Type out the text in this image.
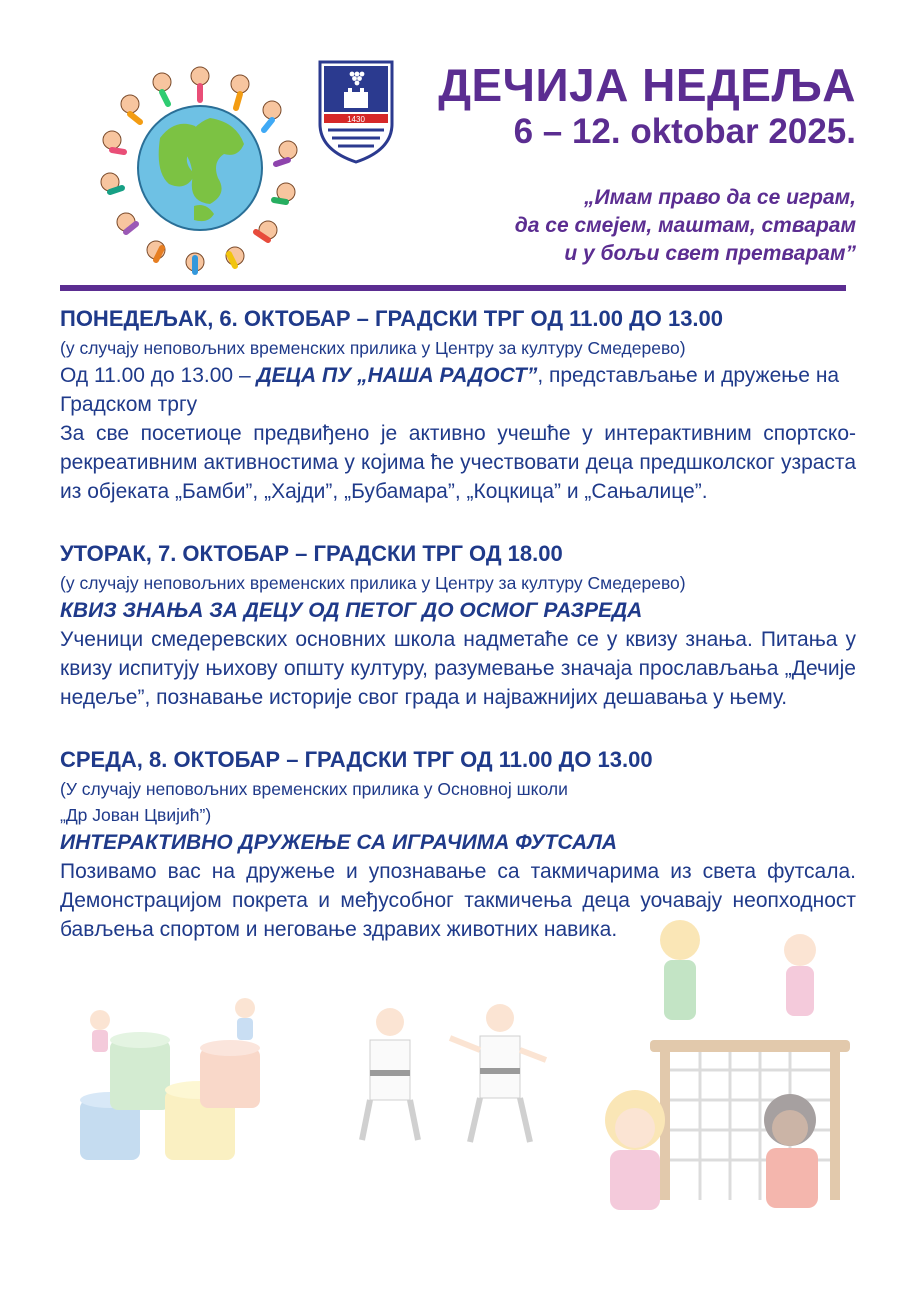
1430
ДЕЧИЈА НЕДЕЉА
6 – 12. oktobar 2025.
„Имам право да се играм,
да се смејем, маштам, стварам
и у бољи свет претварам”
ПОНЕДЕЉАК, 6. ОКТОБАР – ГРАДСКИ ТРГ ОД 11.00 ДО 13.00
(у случају неповољних временских прилика у Центру за културу Смедерево)
Од 11.00 до 13.00 – ДЕЦА ПУ „НАША РАДОСТ”, представљање и дружење на Градском тргу
За све посетиоце предвиђено је активно учешће у интерактивним спортско-рекреативним активностима у којима ће учествовати деца предшколског узраста из објеката „Бамби”, „Хајди”, „Бубамара”, „Коцкица” и „Сањалице”.
УТОРАК, 7. ОКТОБАР – ГРАДСКИ ТРГ ОД 18.00
(у случају неповољних временских прилика у Центру за културу Смедерево)
КВИЗ ЗНАЊА ЗА ДЕЦУ ОД ПЕТОГ ДО ОСМОГ РАЗРЕДА
Ученици смедеревских основних школа надметаће се у квизу знања. Питања у квизу испитују њихову општу културу, разумевање значаја прослављања „Дечије недеље”, познавање историје свог града и најважнијих дешавања у њему.
СРЕДА, 8. ОКТОБАР – ГРАДСКИ ТРГ ОД 11.00 ДО 13.00
(У случају неповољних временских прилика у Основној школи
„Др Јован Цвијић”)
ИНТЕРАКТИВНО ДРУЖЕЊЕ СА ИГРАЧИМА ФУТСАЛА
Позивамо вас на дружење и упознавање са такмичарима из света футсала. Демонстрацијом покрета и међусобног такмичења деца уочавају неопходност бављења спортом и неговање здравих животних навика.
